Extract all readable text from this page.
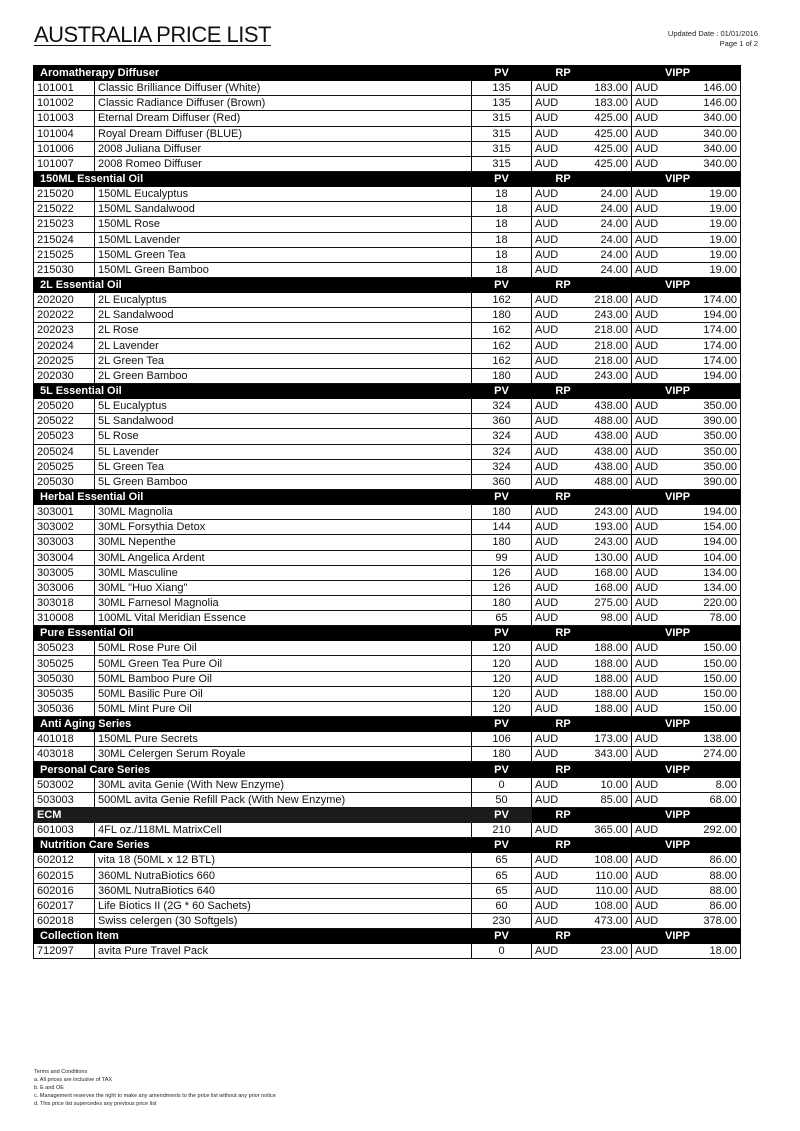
AUSTRALIA PRICE LIST	Updated Date : 01/01/2016
Page 1 of 2
Aromatherapy Diffuser		PV	RP		VIPP	
101001	Classic Brilliance Diffuser (White)	135	AUD	183.00	AUD	146.00
101002	Classic Radiance Diffuser (Brown)	135	AUD	183.00	AUD	146.00
101003	Eternal Dream Diffuser (Red)	315	AUD	425.00	AUD	340.00
101004	Royal Dream Diffuser (BLUE)	315	AUD	425.00	AUD	340.00
101006	2008 Juliana Diffuser	315	AUD	425.00	AUD	340.00
101007	2008 Romeo Diffuser	315	AUD	425.00	AUD	340.00
150ML Essential Oil		PV	RP		VIPP	
215020	150ML Eucalyptus	18	AUD	24.00	AUD	19.00
215022	150ML Sandalwood	18	AUD	24.00	AUD	19.00
215023	150ML Rose	18	AUD	24.00	AUD	19.00
215024	150ML Lavender	18	AUD	24.00	AUD	19.00
215025	150ML Green Tea	18	AUD	24.00	AUD	19.00
215030	150ML Green Bamboo	18	AUD	24.00	AUD	19.00
2L Essential Oil		PV	RP		VIPP	
202020	2L Eucalyptus	162	AUD	218.00	AUD	174.00
202022	2L Sandalwood	180	AUD	243.00	AUD	194.00
202023	2L Rose	162	AUD	218.00	AUD	174.00
202024	2L Lavender	162	AUD	218.00	AUD	174.00
202025	2L Green Tea	162	AUD	218.00	AUD	174.00
202030	2L Green Bamboo	180	AUD	243.00	AUD	194.00
5L Essential Oil		PV	RP		VIPP	
205020	5L Eucalyptus	324	AUD	438.00	AUD	350.00
205022	5L Sandalwood	360	AUD	488.00	AUD	390.00
205023	5L Rose	324	AUD	438.00	AUD	350.00
205024	5L Lavender	324	AUD	438.00	AUD	350.00
205025	5L Green Tea	324	AUD	438.00	AUD	350.00
205030	5L Green Bamboo	360	AUD	488.00	AUD	390.00
Herbal Essential Oil		PV	RP		VIPP	
303001	30ML Magnolia	180	AUD	243.00	AUD	194.00
303002	30ML Forsythia Detox	144	AUD	193.00	AUD	154.00
303003	30ML Nepenthe	180	AUD	243.00	AUD	194.00
303004	30ML Angelica Ardent	99	AUD	130.00	AUD	104.00
303005	30ML Masculine	126	AUD	168.00	AUD	134.00
303006	30ML "Huo Xiang"	126	AUD	168.00	AUD	134.00
303018	30ML Farnesol Magnolia	180	AUD	275.00	AUD	220.00
310008	100ML Vital Meridian Essence	65	AUD	98.00	AUD	78.00
Pure Essential Oil		PV	RP		VIPP	
305023	50ML Rose Pure Oil	120	AUD	188.00	AUD	150.00
305025	50ML Green Tea Pure Oil	120	AUD	188.00	AUD	150.00
305030	50ML Bamboo Pure Oil	120	AUD	188.00	AUD	150.00
305035	50ML Basilic Pure Oil	120	AUD	188.00	AUD	150.00
305036	50ML Mint Pure Oil	120	AUD	188.00	AUD	150.00
Anti Aging Series		PV	RP		VIPP	
401018	150ML Pure Secrets	106	AUD	173.00	AUD	138.00
403018	30ML Celergen Serum Royale	180	AUD	343.00	AUD	274.00
Personal Care Series		PV	RP		VIPP	
503002	30ML avita Genie (With New Enzyme)	0	AUD	10.00	AUD	8.00
503003	500ML avita Genie Refill Pack (With New Enzyme)	50	AUD	85.00	AUD	68.00
ECM		PV	RP		VIPP	
601003	4FL oz./118ML MatrixCell	210	AUD	365.00	AUD	292.00
Nutrition Care Series		PV	RP		VIPP	
602012	vita 18 (50ML x 12 BTL)	65	AUD	108.00	AUD	86.00
602015	360ML NutraBiotics 660	65	AUD	110.00	AUD	88.00
602016	360ML NutraBiotics 640	65	AUD	110.00	AUD	88.00
602017	Life Biotics II (2G * 60 Sachets)	60	AUD	108.00	AUD	86.00
602018	Swiss celergen (30 Softgels)	230	AUD	473.00	AUD	378.00
Collection Item		PV	RP		VIPP	
712097	avita Pure Travel Pack	0	AUD	23.00	AUD	18.00
Terms and Conditions
a. All prices are inclusive of TAX
b. E and OE
c. Management reserves the right to make any amendments to the price list without any prior notice
d. This price list supercedes any previous price list
